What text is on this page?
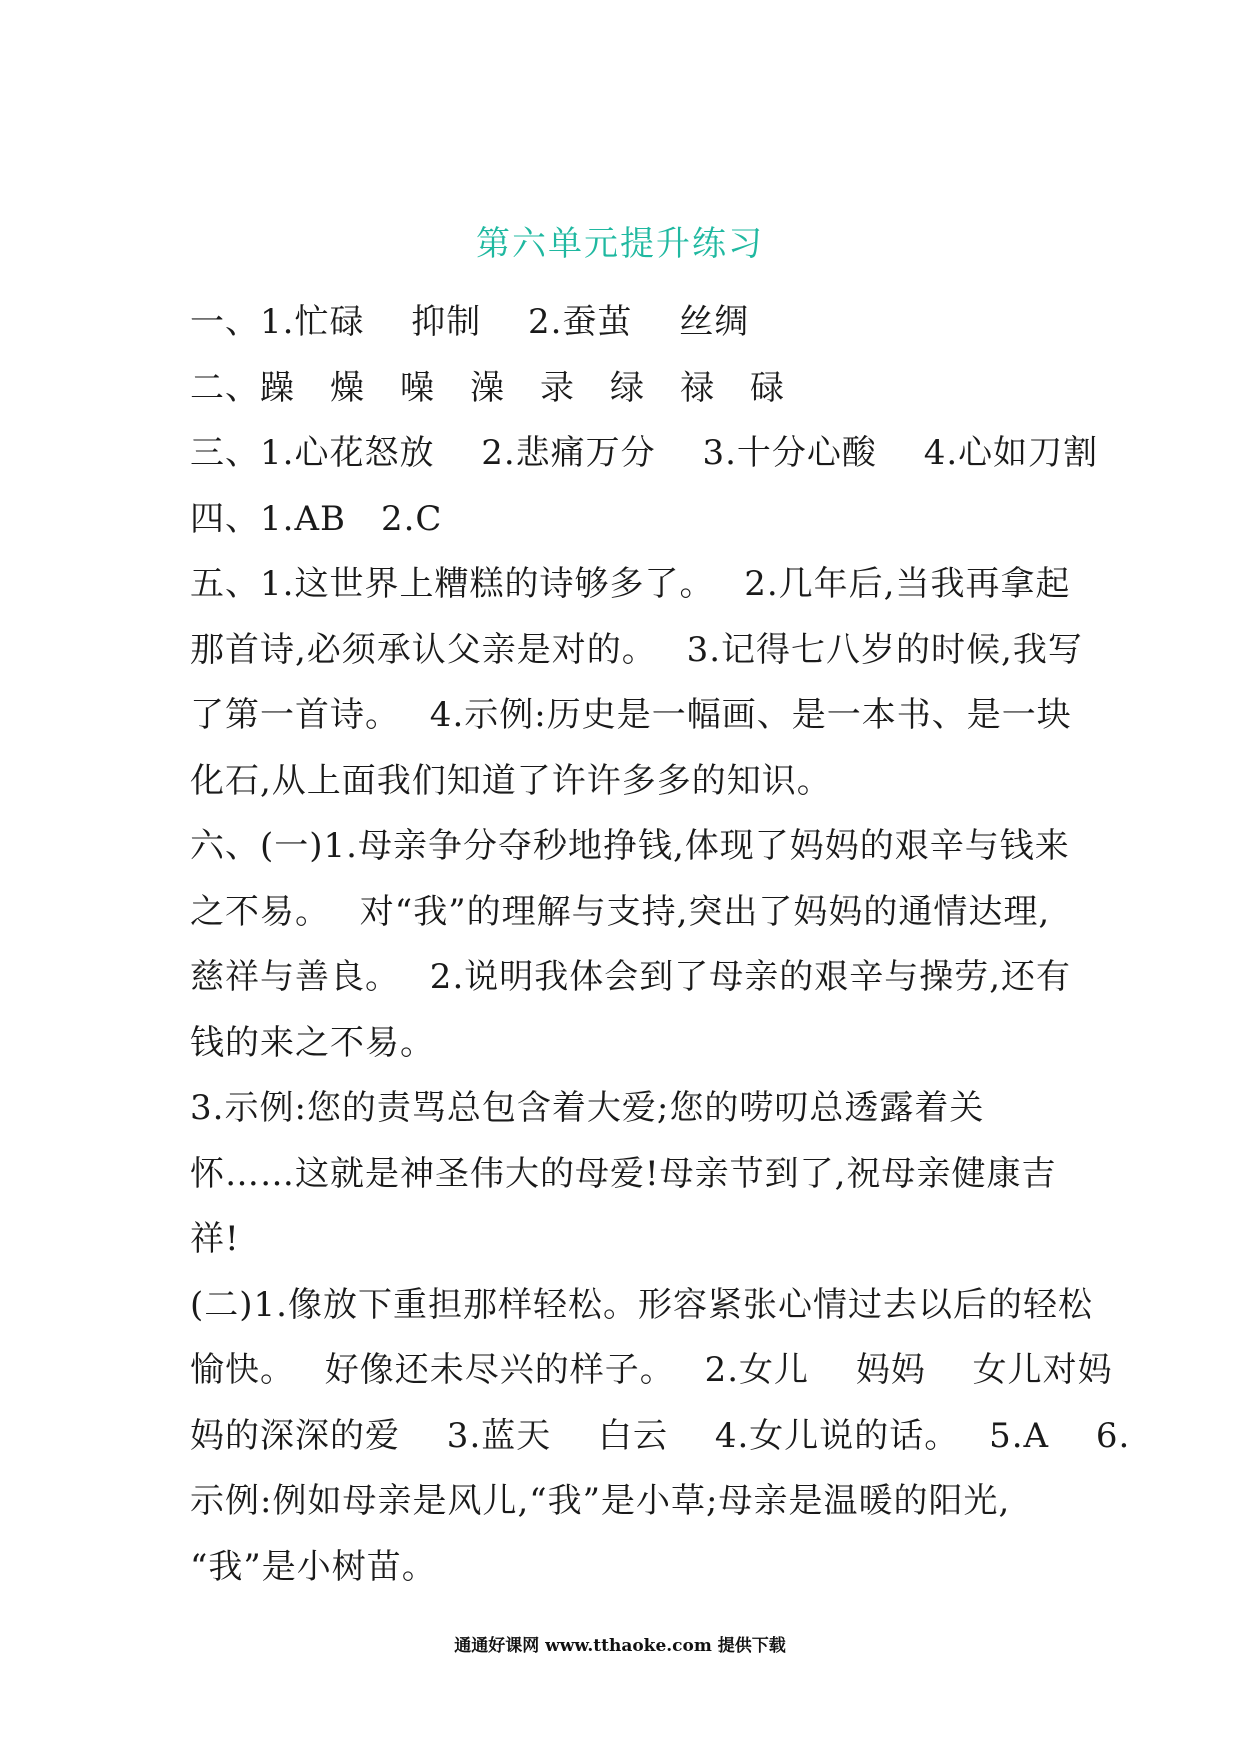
第六单元提升练习
一、1.忙碌　 抑制　 2.蚕茧　 丝绸
二、躁　燥　噪　澡　录　绿　禄　碌
三、1.心花怒放　 2.悲痛万分　 3.十分心酸　 4.心如刀割
四、1.AB　2.C
五、1.这世界上糟糕的诗够多了。　 2.几年后,当我再拿起
那首诗,必须承认父亲是对的。　 3.记得七八岁的时候,我写
了第一首诗。　 4.示例:历史是一幅画、是一本书、是一块
化石,从上面我们知道了许许多多的知识。
六、(一)1.母亲争分夺秒地挣钱,体现了妈妈的艰辛与钱来
之不易。　 对“我”的理解与支持,突出了妈妈的通情达理,
慈祥与善良。　 2.说明我体会到了母亲的艰辛与操劳,还有
钱的来之不易。
3.示例:您的责骂总包含着大爱;您的唠叨总透露着关
怀……这就是神圣伟大的母爱!母亲节到了,祝母亲健康吉
祥!
(二)1.像放下重担那样轻松。形容紧张心情过去以后的轻松
愉快。　 好像还未尽兴的样子。　 2.女儿　 妈妈　 女儿对妈
妈的深深的爱　 3.蓝天　 白云　 4.女儿说的话。　 5.A　 6.
示例:例如母亲是风儿,“我”是小草;母亲是温暖的阳光,
“我”是小树苗。
通通好课网 www.tthaoke.com 提供下载
